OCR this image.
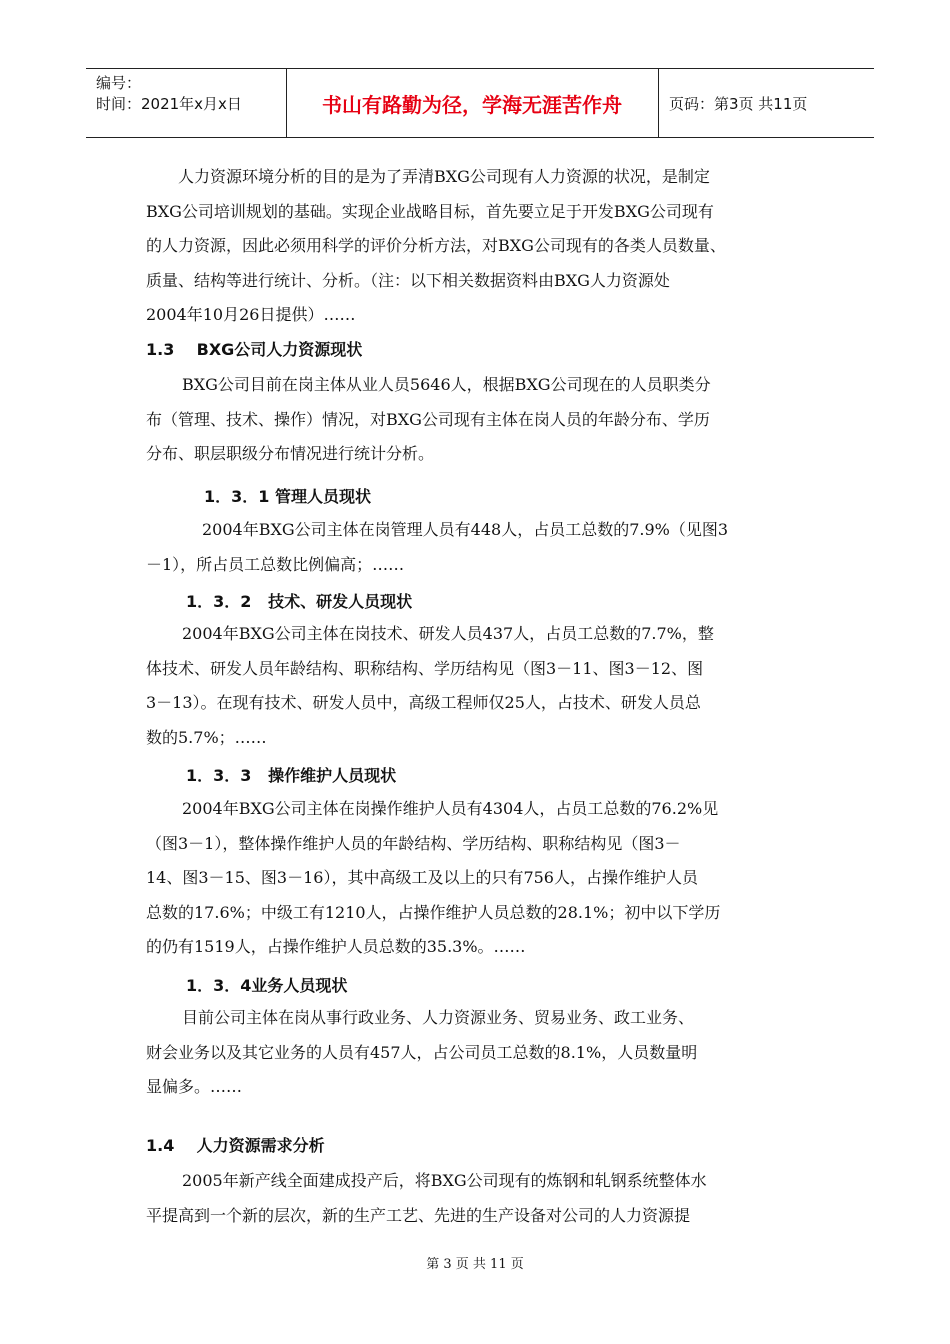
编号：
时间：2021年x月x日	书山有路勤为径，学海无涯苦作舟	页码：第3页 共11页
人力资源环境分析的目的是为了弄清BXG公司现有人力资源的状况，是制定
BXG公司培训规划的基础。实现企业战略目标，首先要立足于开发BXG公司现有
的人力资源，因此必须用科学的评价分析方法，对BXG公司现有的各类人员数量、
质量、结构等进行统计、分析。（注：以下相关数据资料由BXG人力资源处
2004年10月26日提供）……
1.3    BXG公司人力资源现状
BXG公司目前在岗主体从业人员5646人，根据BXG公司现在的人员职类分
布（管理、技术、操作）情况，对BXG公司现有主体在岗人员的年龄分布、学历
分布、职层职级分布情况进行统计分析。
1．3．1 管理人员现状
2004年BXG公司主体在岗管理人员有448人，占员工总数的7.9%（见图3
－1），所占员工总数比例偏高；……
1．3．2   技术、研发人员现状
2004年BXG公司主体在岗技术、研发人员437人，占员工总数的7.7%，整
体技术、研发人员年龄结构、职称结构、学历结构见（图3－11、图3－12、图
3－13）。在现有技术、研发人员中，高级工程师仅25人，占技术、研发人员总
数的5.7%；……
1．3．3   操作维护人员现状
2004年BXG公司主体在岗操作维护人员有4304人，占员工总数的76.2%见
（图3－1），整体操作维护人员的年龄结构、学历结构、职称结构见（图3－
14、图3－15、图3－16），其中高级工及以上的只有756人，占操作维护人员
总数的17.6%；中级工有1210人，占操作维护人员总数的28.1%；初中以下学历
的仍有1519人，占操作维护人员总数的35.3%。……
1．3．4业务人员现状
目前公司主体在岗从事行政业务、人力资源业务、贸易业务、政工业务、
财会业务以及其它业务的人员有457人，占公司员工总数的8.1%，人员数量明
显偏多。……
1.4    人力资源需求分析
2005年新产线全面建成投产后，将BXG公司现有的炼钢和轧钢系统整体水
平提高到一个新的层次，新的生产工艺、先进的生产设备对公司的人力资源提
第 3 页 共 11 页
